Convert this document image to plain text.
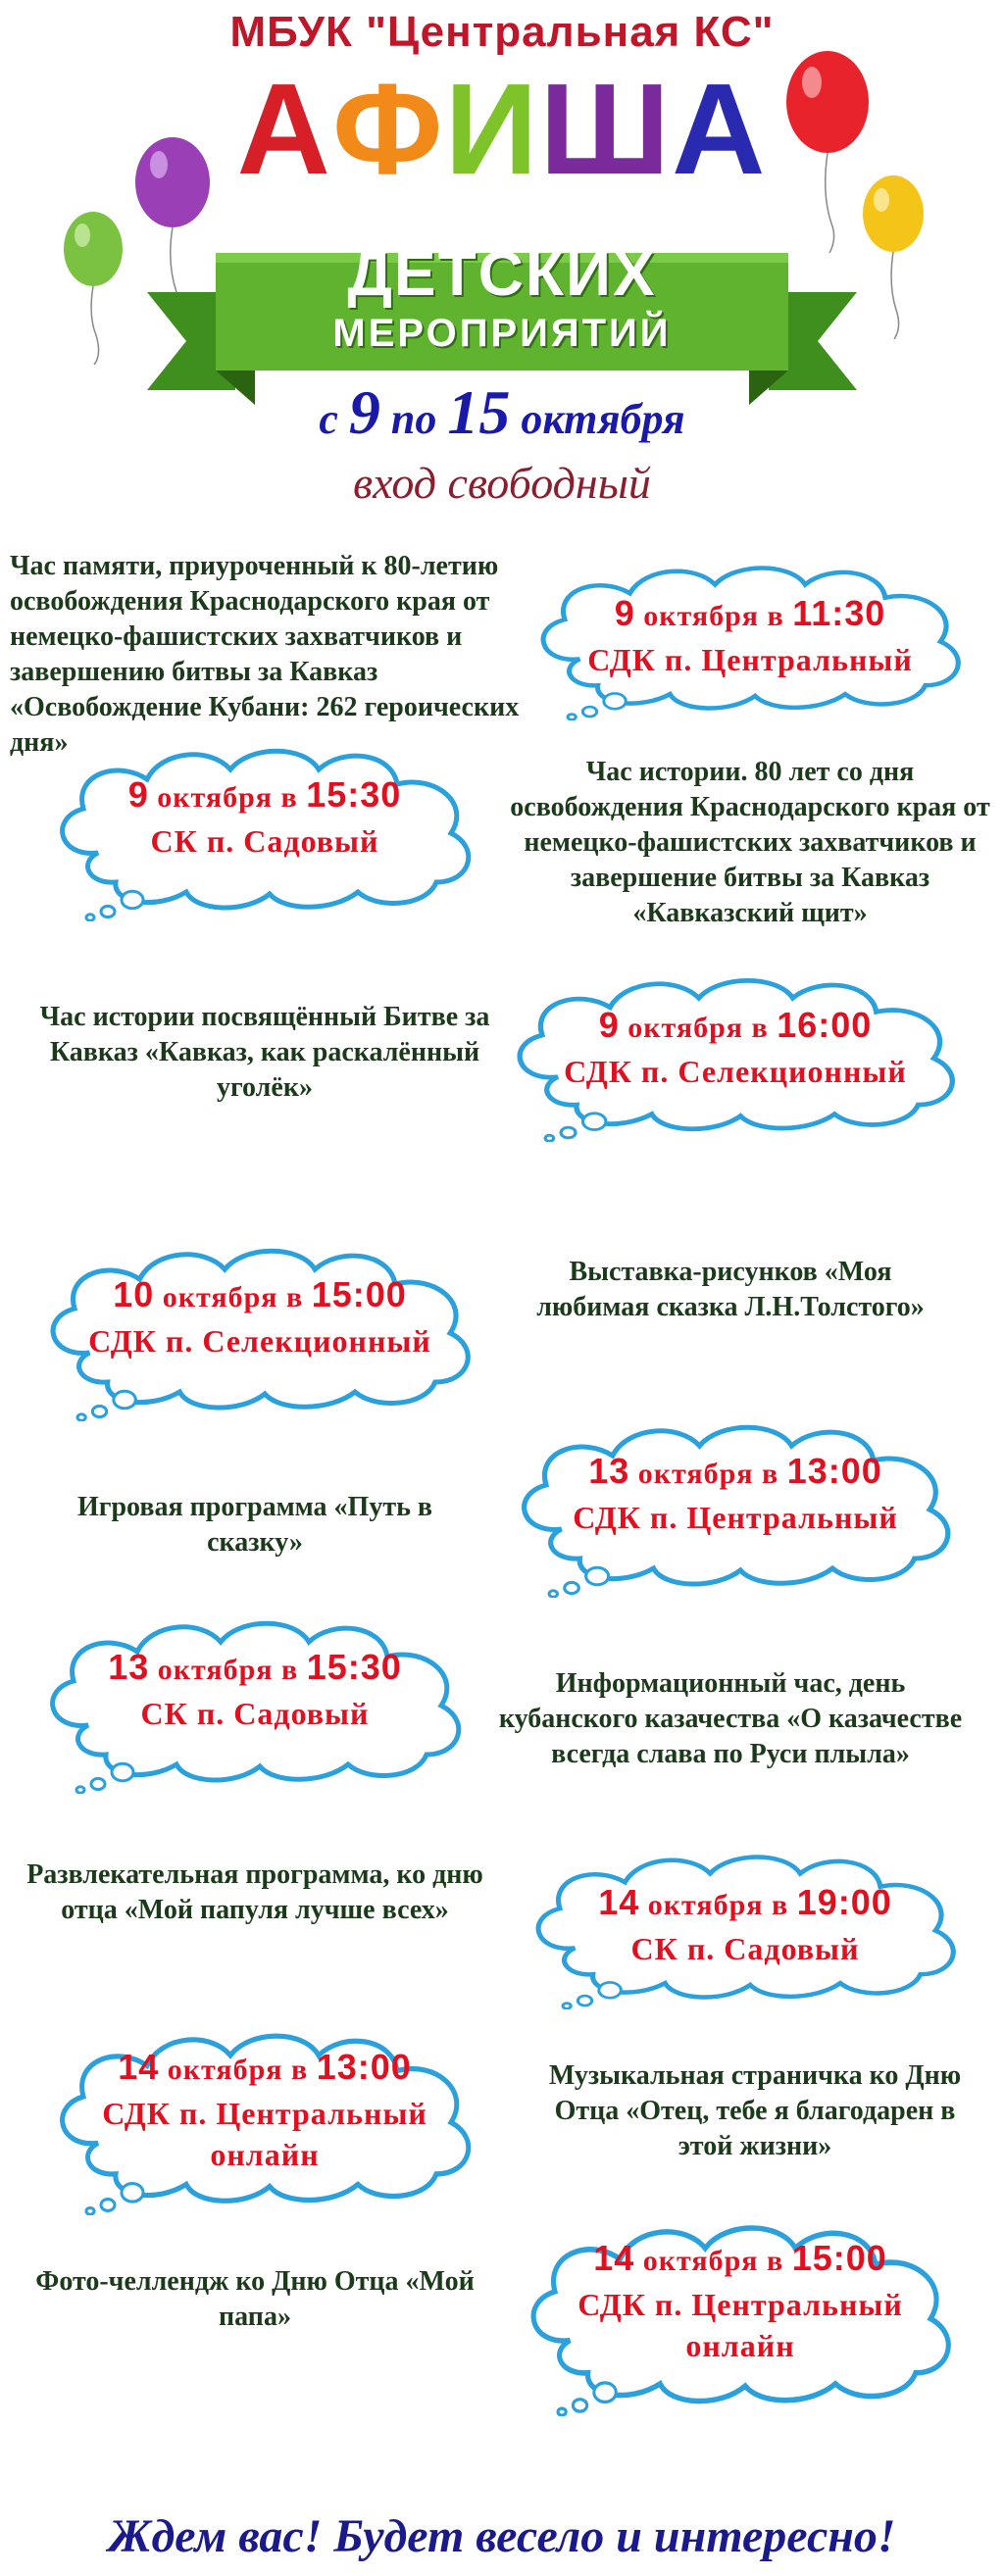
МБУК "Центральная КС"
АФИША
ДЕТСКИХ
МЕРОПРИЯТИЙ
с 9 по 15 октября
вход свободный
Час памяти, приуроченный к 80-летию освобождения Краснодарского края от немецко-фашистских захватчиков и завершению битвы за Кавказ «Освобождение Кубани: 262 героических дня»
9 октября в 11:30
СДК п. Центральный
Час истории. 80 лет со дня освобождения Краснодарского края от немецко-фашистских захватчиков и завершение битвы за Кавказ «Кавказский щит»
9 октября в 15:30
СК п. Садовый
Час истории посвящённый Битве за Кавказ «Кавказ, как раскалённый уголёк»
9 октября в 16:00
СДК п. Селекционный
Выставка-рисунков «Моя любимая сказка Л.Н.Толстого»
10 октября в 15:00
СДК п. Селекционный
Игровая программа «Путь в сказку»
13 октября в 13:00
СДК п. Центральный
Информационный час, день кубанского казачества «О казачестве всегда слава по Руси плыла»
13 октября в 15:30
СК п. Садовый
Развлекательная программа, ко дню отца «Мой папуля лучше всех»	14 октября в 19:00
СК п. Садовый
Музыкальная страничка ко Дню Отца «Отец, тебе я благодарен в этой жизни»
14 октября в 13:00
СДК п. Центральный
онлайн
Фото-челлендж ко Дню Отца «Мой папа»
14 октября в 15:00
СДК п. Центральный
онлайн
Ждем вас! Будет весело и интересно!
